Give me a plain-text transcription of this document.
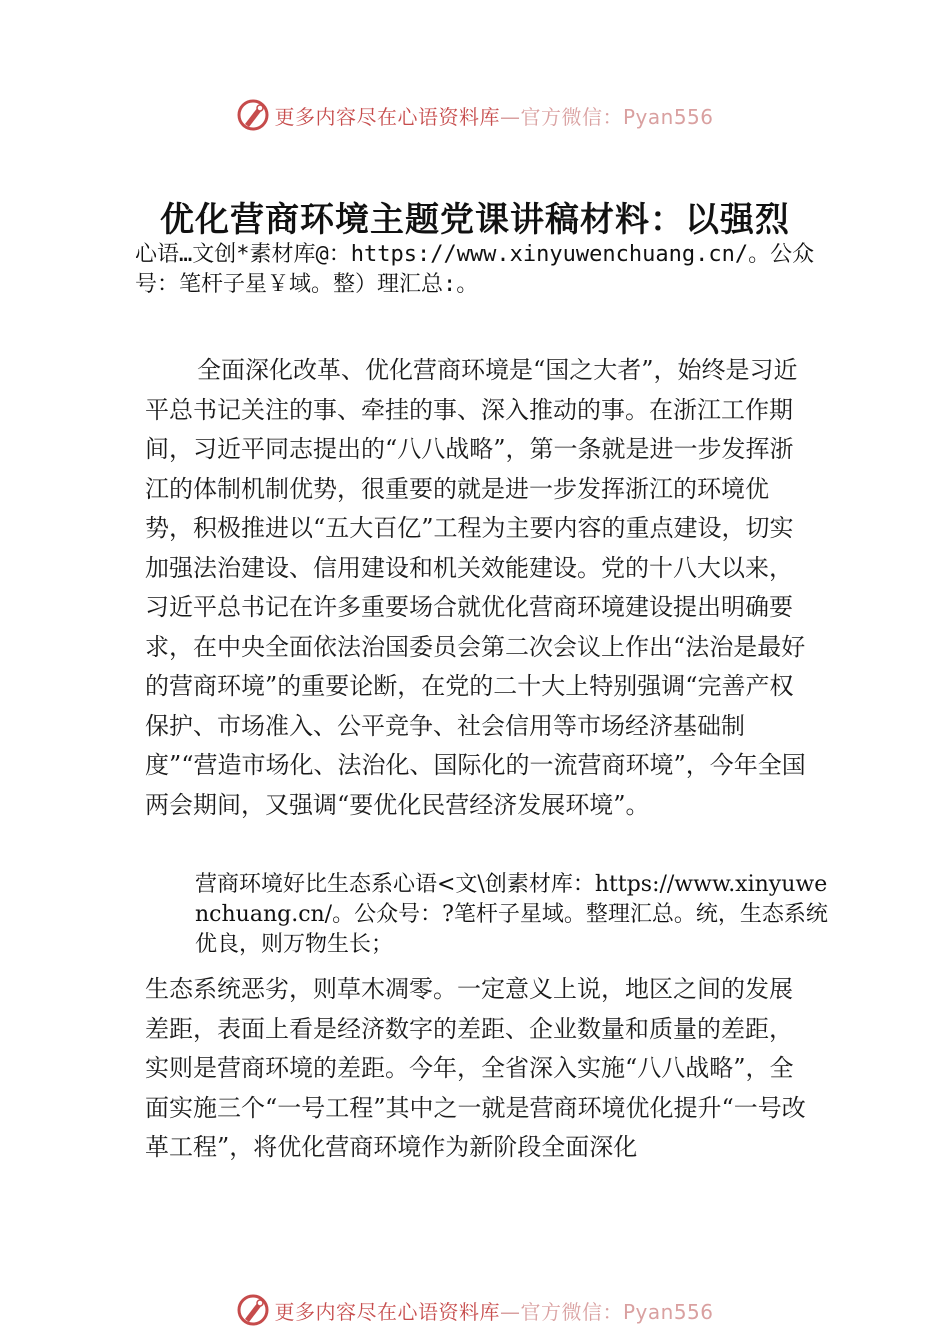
更多内容尽在心语资料库—官方微信：Pyan556
优化营商环境主题党课讲稿材料：以强烈
心语…文创*素材库@：https://www.xinyuwenchuang.cn/。公众号：笔杆子星￥域。整）理汇总:。

全面深化改革、优化营商环境是“国之大者”，始终是习近平总书记关注的事、牵挂的事、深入推动的事。在浙江工作期间，习近平同志提出的“八八战略”，第一条就是进一步发挥浙江的体制机制优势，很重要的就是进一步发挥浙江的环境优势，积极推进以“五大百亿”工程为主要内容的重点建设，切实加强法治建设、信用建设和机关效能建设。党的十八大以来，习近平总书记在许多重要场合就优化营商环境建设提出明确要求，在中央全面依法治国委员会第二次会议上作出“法治是最好的营商环境”的重要论断，在党的二十大上特别强调“完善产权保护、市场准入、公平竞争、社会信用等市场经济基础制度”“营造市场化、法治化、国际化的一流营商环境”，今年全国两会期间，又强调“要优化民营经济发展环境”。

营商环境好比生态系心语<文\创素材库：https://www.xinyuwenchuang.cn/。公众号：?笔杆子星域。整理汇总。统，生态系统优良，则万物生长；

生态系统恶劣，则草木凋零。一定意义上说，地区之间的发展差距，表面上看是经济数字的差距、企业数量和质量的差距，实则是营商环境的差距。今年，全省深入实施“八八战略”，全面实施三个“一号工程”其中之一就是营商环境优化提升“一号改革工程”，将优化营商环境作为新阶段全面深化

更多内容尽在心语资料库—官方微信：Pyan556
